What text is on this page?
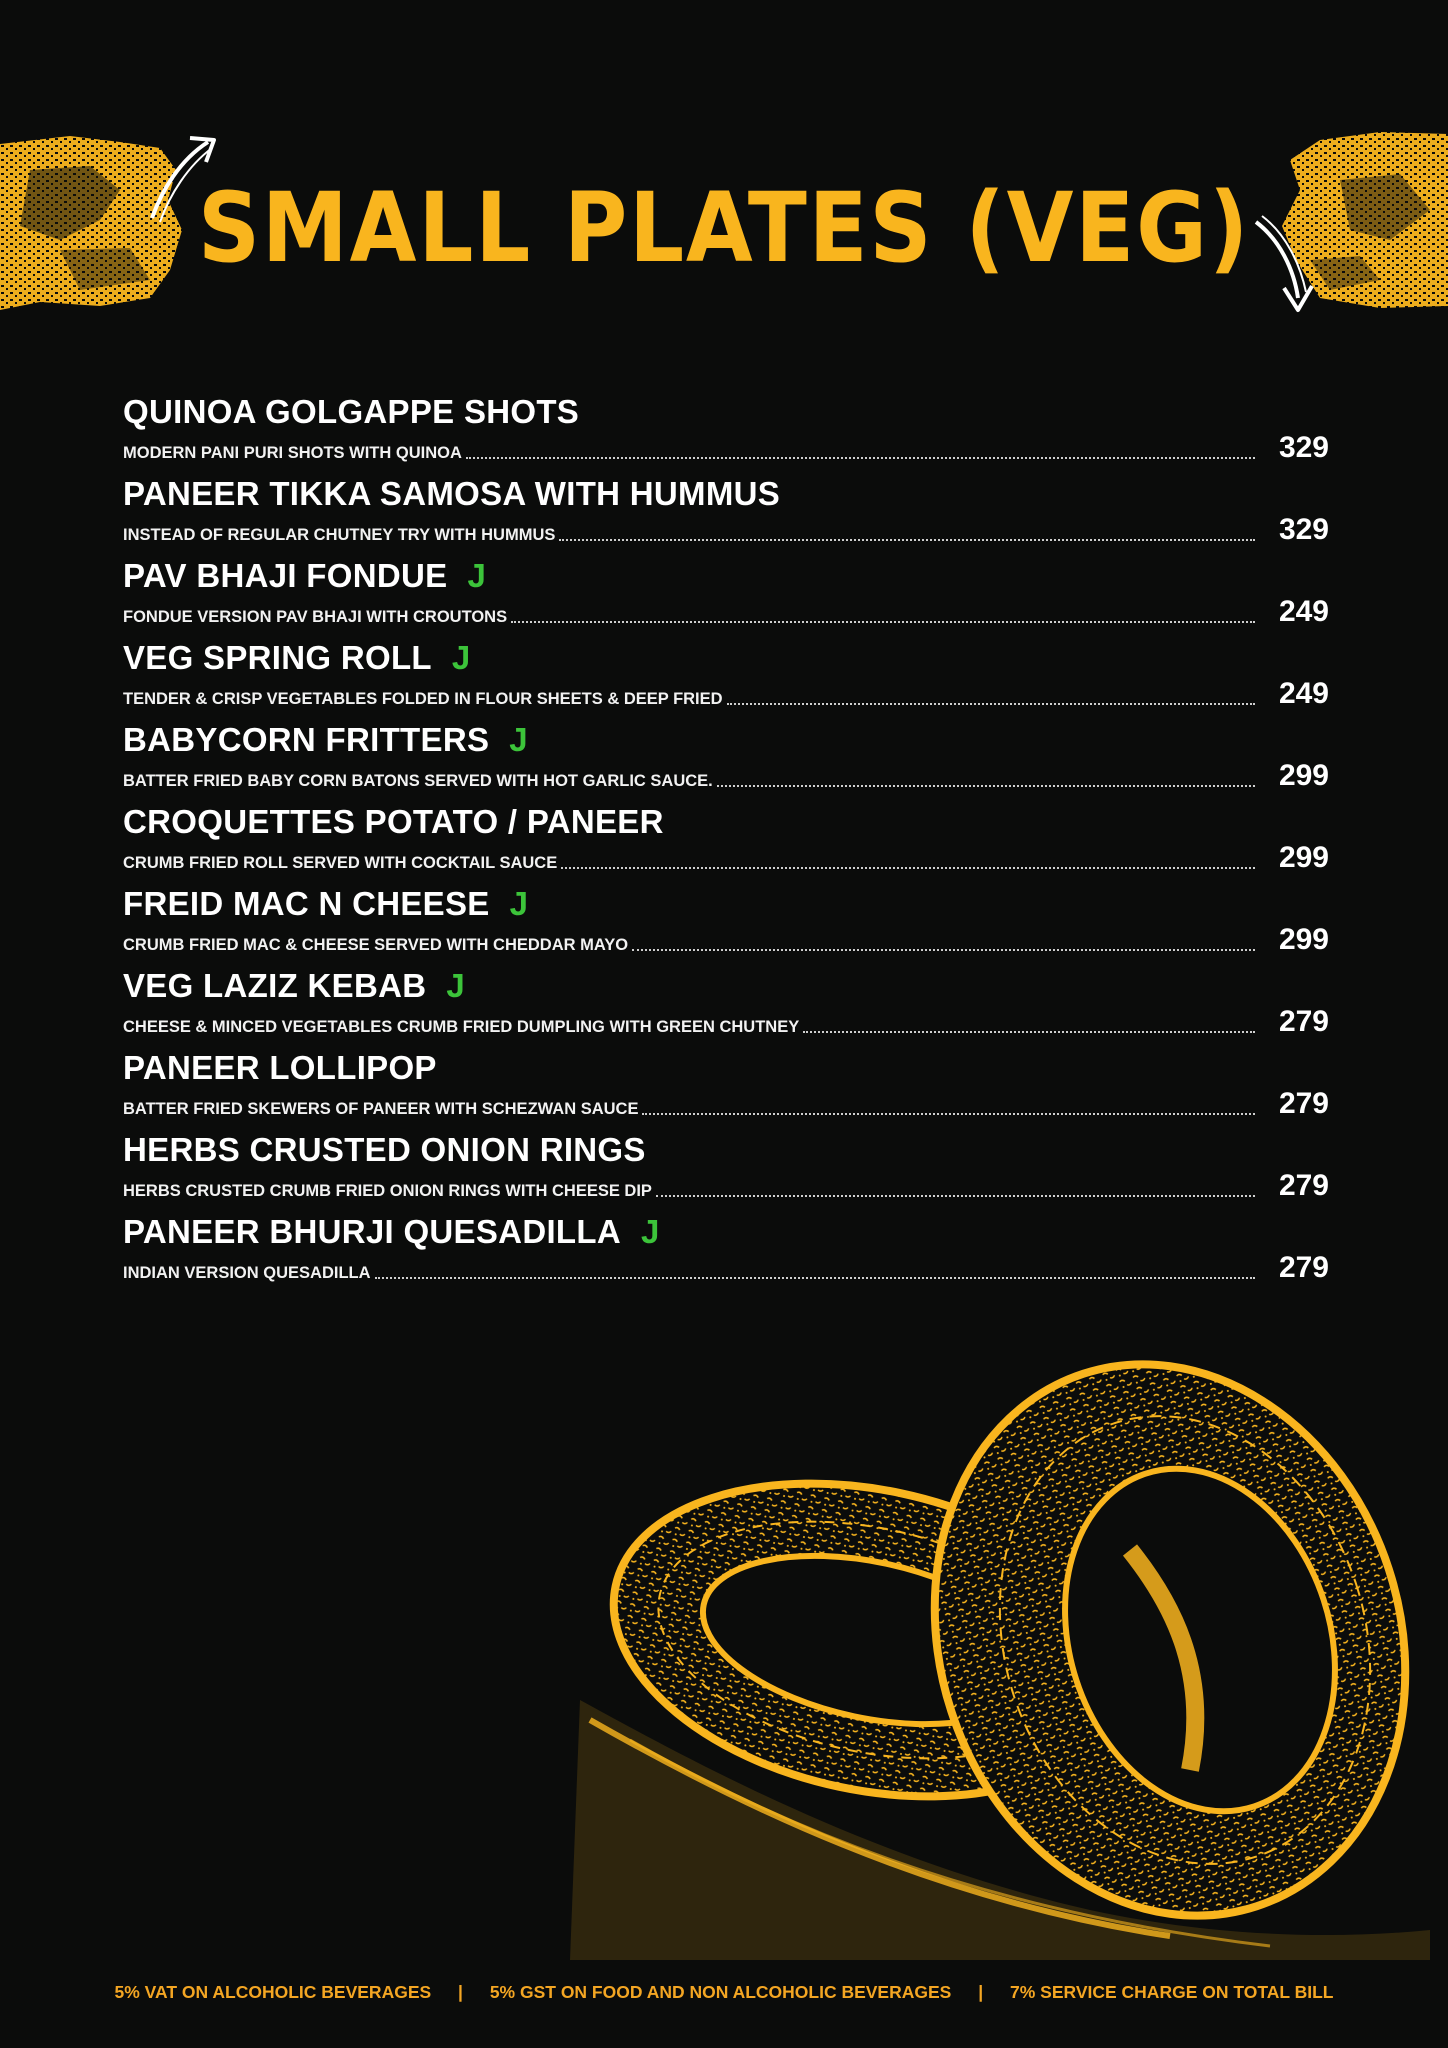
SMALL PLATES (VEG)
QUINOA GOLGAPPE SHOTS
MODERN PANI PURI SHOTS WITH QUINOA	329
PANEER TIKKA SAMOSA WITH HUMMUS
INSTEAD OF REGULAR CHUTNEY TRY WITH HUMMUS	329
PAV BHAJI FONDUE J
FONDUE VERSION PAV BHAJI WITH CROUTONS	249
VEG SPRING ROLL J
TENDER & CRISP VEGETABLES FOLDED IN FLOUR SHEETS & DEEP FRIED	249
BABYCORN FRITTERS J
BATTER FRIED BABY CORN BATONS SERVED WITH HOT GARLIC SAUCE.	299
CROQUETTES POTATO / PANEER
CRUMB FRIED ROLL SERVED WITH COCKTAIL SAUCE	299
FREID MAC N CHEESE J
CRUMB FRIED MAC & CHEESE SERVED WITH CHEDDAR MAYO	299
VEG LAZIZ KEBAB J
CHEESE & MINCED VEGETABLES CRUMB FRIED DUMPLING WITH GREEN CHUTNEY	279
PANEER LOLLIPOP
BATTER FRIED SKEWERS OF PANEER WITH SCHEZWAN SAUCE	279
HERBS CRUSTED ONION RINGS
HERBS CRUSTED CRUMB FRIED ONION RINGS WITH CHEESE DIP	279
PANEER BHURJI QUESADILLA J
INDIAN VERSION QUESADILLA	279
5% VAT ON ALCOHOLIC BEVERAGES | 5% GST ON FOOD AND NON ALCOHOLIC BEVERAGES | 7% SERVICE CHARGE ON TOTAL BILL
